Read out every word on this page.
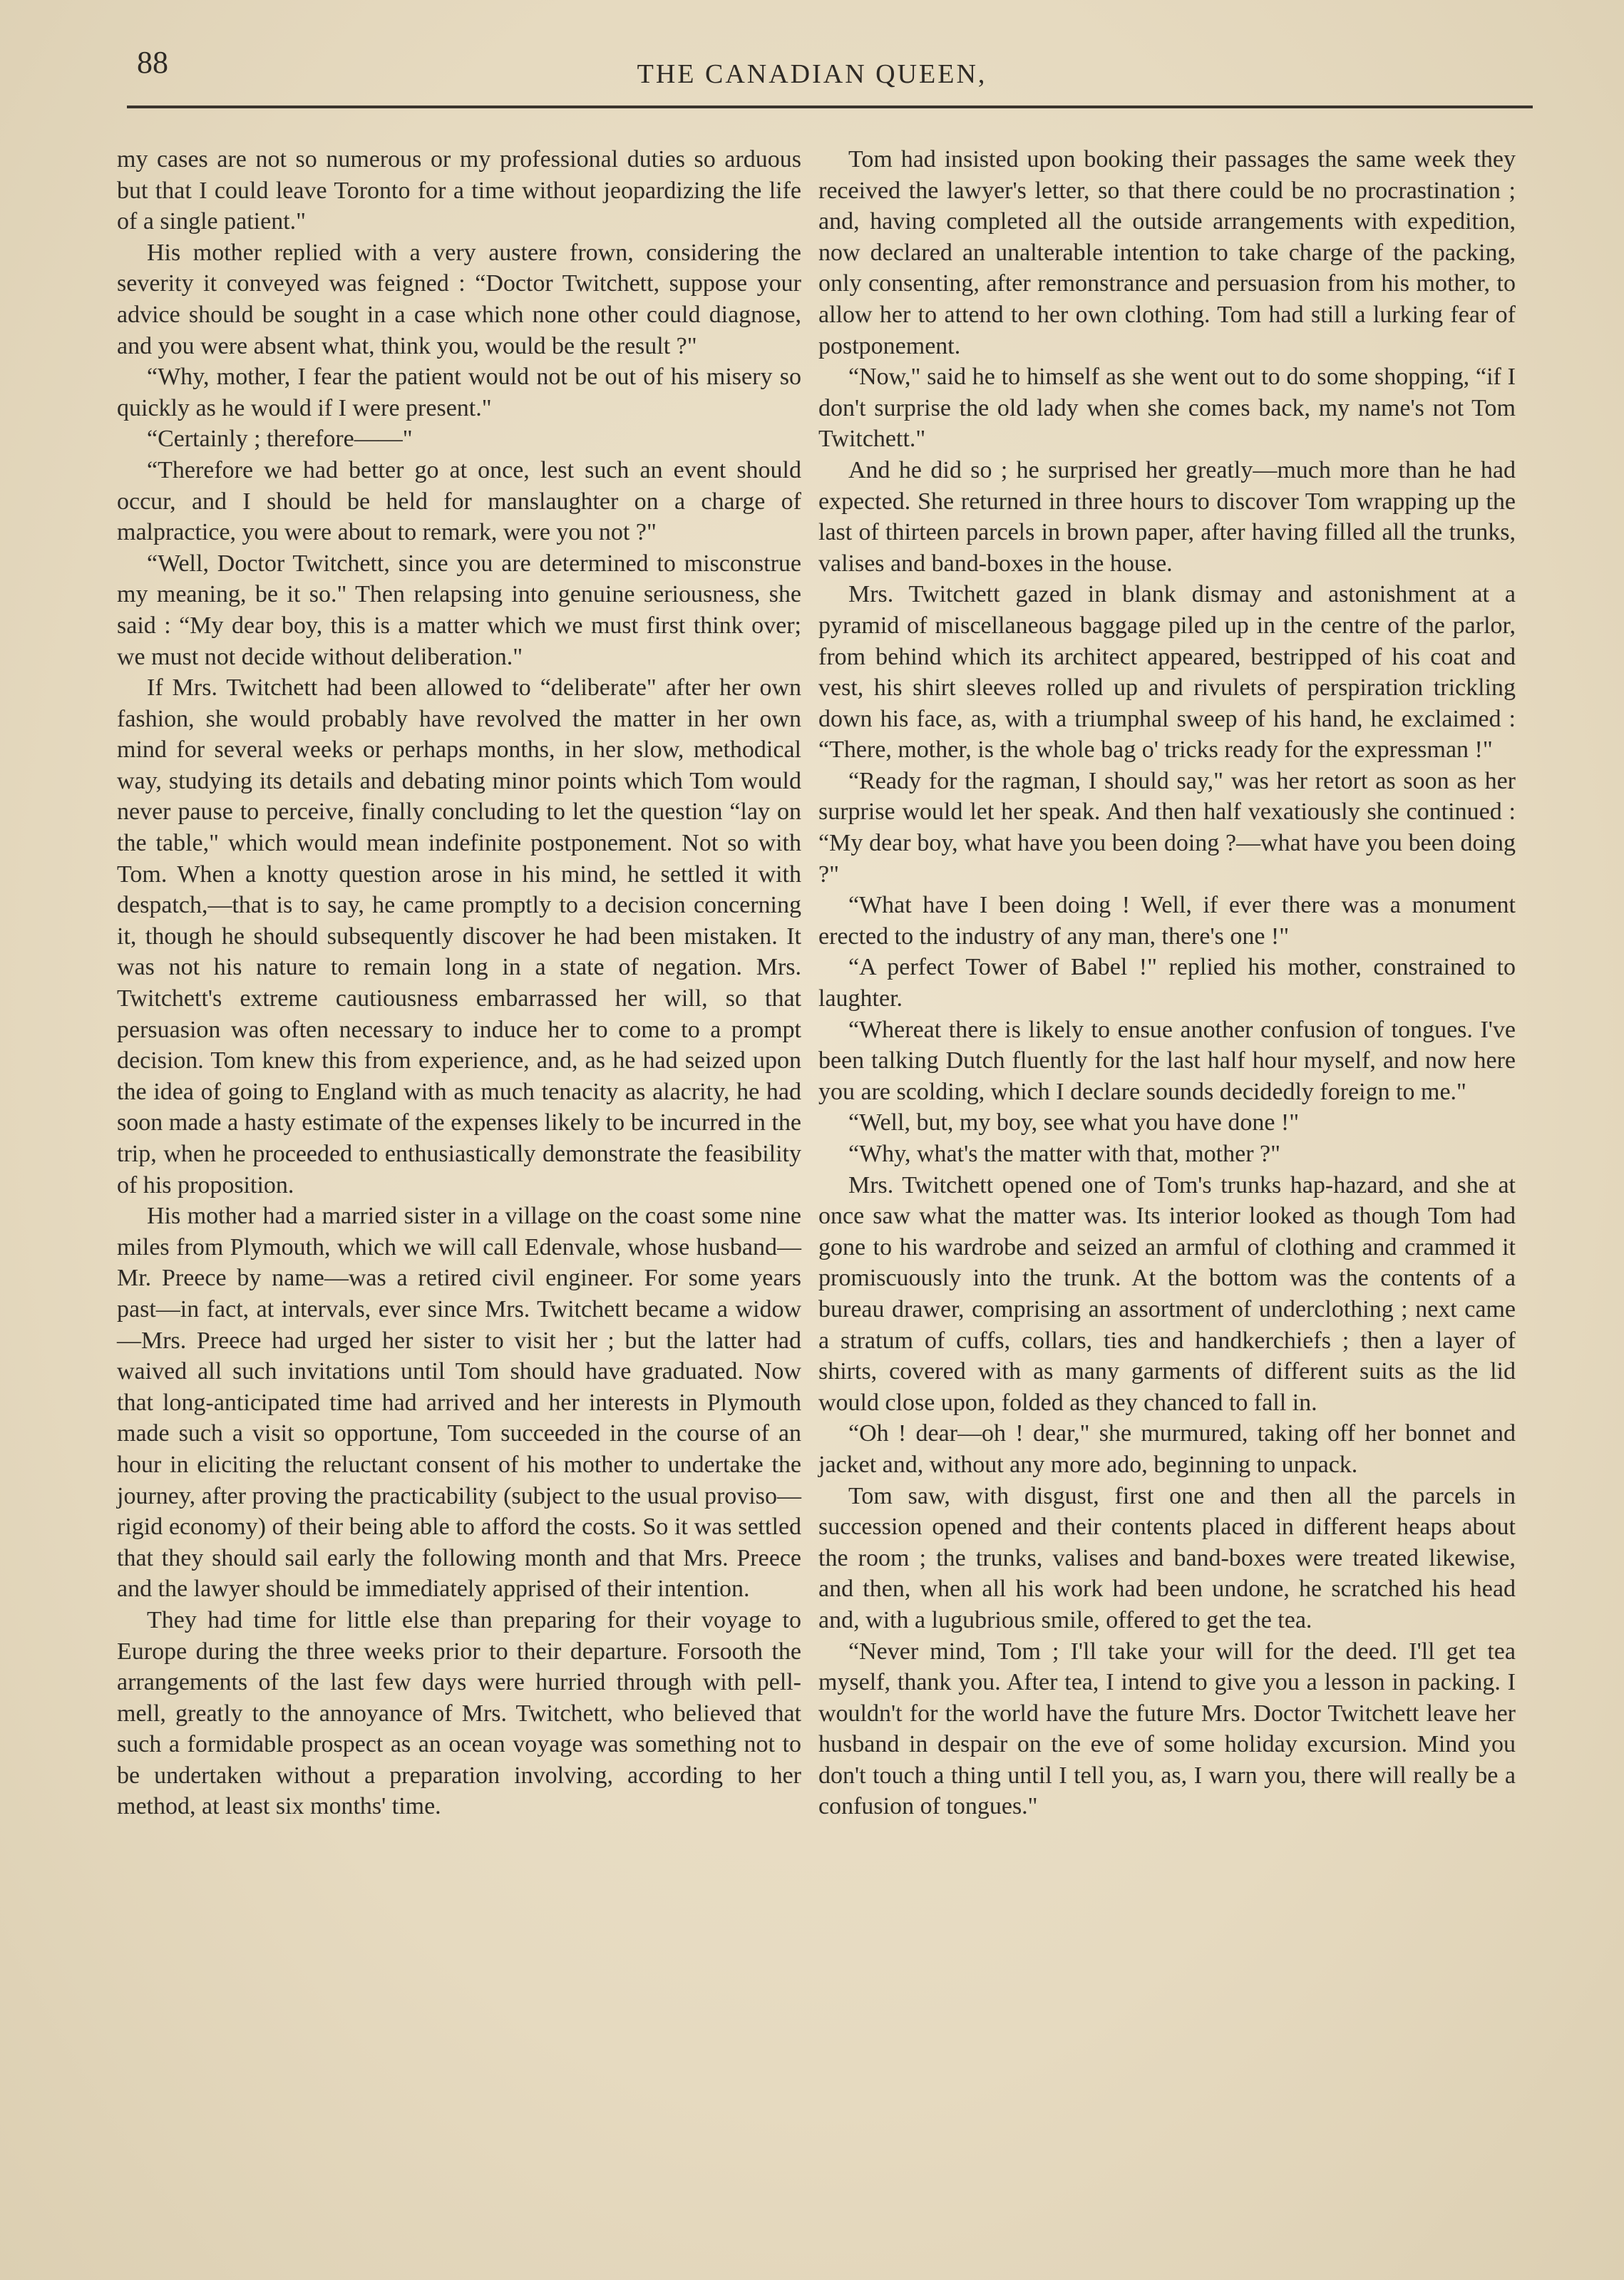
88	THE CANADIAN QUEEN,

my cases are not so numerous or my professional duties so arduous but that I could leave Toronto for a time without jeopardizing the life of a single patient."

His mother replied with a very austere frown, considering the severity it conveyed was feigned : “Doctor Twitchett, suppose your advice should be sought in a case which none other could diagnose, and you were absent what, think you, would be the result ?"

“Why, mother, I fear the patient would not be out of his misery so quickly as he would if I were present."

“Certainly ; therefore——"

“Therefore we had better go at once, lest such an event should occur, and I should be held for manslaughter on a charge of malpractice, you were about to remark, were you not ?"

“Well, Doctor Twitchett, since you are determined to misconstrue my meaning, be it so." Then relapsing into genuine seriousness, she said : “My dear boy, this is a matter which we must first think over; we must not decide without deliberation."

If Mrs. Twitchett had been allowed to “deliberate" after her own fashion, she would probably have revolved the matter in her own mind for several weeks or perhaps months, in her slow, methodical way, studying its details and debating minor points which Tom would never pause to perceive, finally concluding to let the question “lay on the table," which would mean indefinite postponement. Not so with Tom. When a knotty question arose in his mind, he settled it with despatch,—that is to say, he came promptly to a decision concerning it, though he should subsequently discover he had been mistaken. It was not his nature to remain long in a state of negation. Mrs. Twitchett's extreme cautiousness embarrassed her will, so that persuasion was often necessary to induce her to come to a prompt decision. Tom knew this from experience, and, as he had seized upon the idea of going to England with as much tenacity as alacrity, he had soon made a hasty estimate of the expenses likely to be incurred in the trip, when he proceeded to enthusiastically demonstrate the feasibility of his proposition.

His mother had a married sister in a village on the coast some nine miles from Plymouth, which we will call Edenvale, whose husband—Mr. Preece by name—was a retired civil engineer. For some years past—in fact, at intervals, ever since Mrs. Twitchett became a widow—Mrs. Preece had urged her sister to visit her ; but the latter had waived all such invitations until Tom should have graduated. Now that long-anticipated time had arrived and her interests in Plymouth made such a visit so opportune, Tom succeeded in the course of an hour in eliciting the reluctant consent of his mother to undertake the journey, after proving the practicability (subject to the usual proviso—rigid economy) of their being able to afford the costs. So it was settled that they should sail early the following month and that Mrs. Preece and the lawyer should be immediately apprised of their intention.

They had time for little else than preparing for their voyage to Europe during the three weeks prior to their departure. Forsooth the arrangements of the last few days were hurried through with pell-mell, greatly to the annoyance of Mrs. Twitchett, who believed that such a formidable prospect as an ocean voyage was something not to be undertaken without a preparation involving, according to her method, at least six months' time.

Tom had insisted upon booking their passages the same week they received the lawyer's letter, so that there could be no procrastination ; and, having completed all the outside arrangements with expedition, now declared an unalterable intention to take charge of the packing, only consenting, after remonstrance and persuasion from his mother, to allow her to attend to her own clothing. Tom had still a lurking fear of postponement.

“Now," said he to himself as she went out to do some shopping, “if I don't surprise the old lady when she comes back, my name's not Tom Twitchett."

And he did so ; he surprised her greatly—much more than he had expected. She returned in three hours to discover Tom wrapping up the last of thirteen parcels in brown paper, after having filled all the trunks, valises and band-boxes in the house.

Mrs. Twitchett gazed in blank dismay and astonishment at a pyramid of miscellaneous baggage piled up in the centre of the parlor, from behind which its architect appeared, bestripped of his coat and vest, his shirt sleeves rolled up and rivulets of perspiration trickling down his face, as, with a triumphal sweep of his hand, he exclaimed : “There, mother, is the whole bag o' tricks ready for the expressman !"

“Ready for the ragman, I should say," was her retort as soon as her surprise would let her speak. And then half vexatiously she continued : “My dear boy, what have you been doing ?—what have you been doing ?"

“What have I been doing ! Well, if ever there was a monument erected to the industry of any man, there's one !"

“A perfect Tower of Babel !" replied his mother, constrained to laughter.

“Whereat there is likely to ensue another confusion of tongues. I've been talking Dutch fluently for the last half hour myself, and now here you are scolding, which I declare sounds decidedly foreign to me."

“Well, but, my boy, see what you have done !"

“Why, what's the matter with that, mother ?"

Mrs. Twitchett opened one of Tom's trunks hap-hazard, and she at once saw what the matter was. Its interior looked as though Tom had gone to his wardrobe and seized an armful of clothing and crammed it promiscuously into the trunk. At the bottom was the contents of a bureau drawer, comprising an assortment of underclothing ; next came a stratum of cuffs, collars, ties and handkerchiefs ; then a layer of shirts, covered with as many garments of different suits as the lid would close upon, folded as they chanced to fall in.

“Oh ! dear—oh ! dear," she murmured, taking off her bonnet and jacket and, without any more ado, beginning to unpack.

Tom saw, with disgust, first one and then all the parcels in succession opened and their contents placed in different heaps about the room ; the trunks, valises and band-boxes were treated likewise, and then, when all his work had been undone, he scratched his head and, with a lugubrious smile, offered to get the tea.

“Never mind, Tom ; I'll take your will for the deed. I'll get tea myself, thank you. After tea, I intend to give you a lesson in packing. I wouldn't for the world have the future Mrs. Doctor Twitchett leave her husband in despair on the eve of some holiday excursion. Mind you don't touch a thing until I tell you, as, I warn you, there will really be a confusion of tongues."
